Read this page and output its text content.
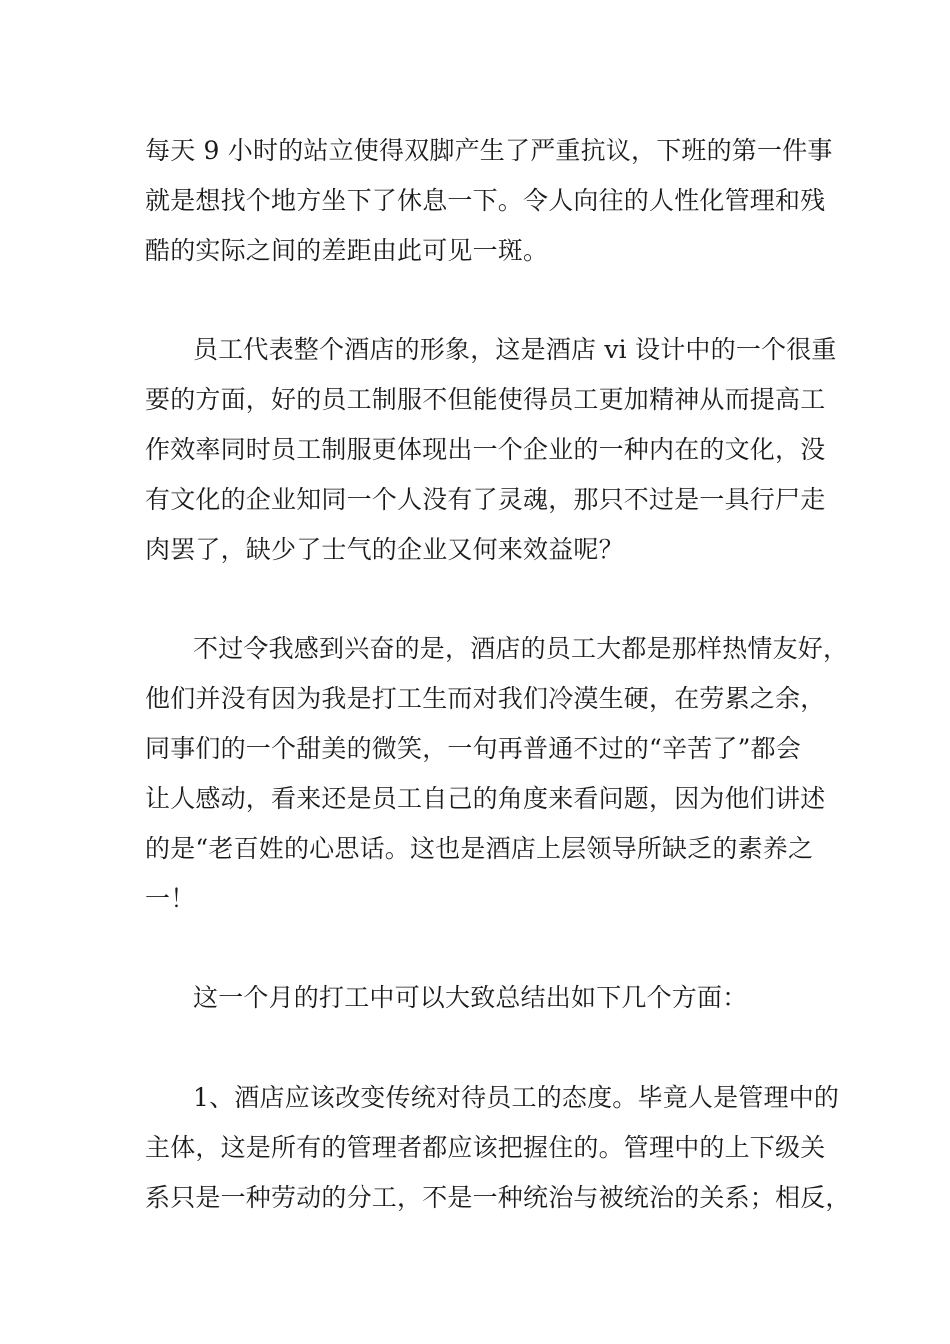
每天 9 小时的站立使得双脚产生了严重抗议，下班的第一件事
就是想找个地方坐下了休息一下。令人向往的人性化管理和残
酷的实际之间的差距由此可见一斑。
员工代表整个酒店的形象，这是酒店 vi 设计中的一个很重
要的方面，好的员工制服不但能使得员工更加精神从而提高工
作效率同时员工制服更体现出一个企业的一种内在的文化，没
有文化的企业知同一个人没有了灵魂，那只不过是一具行尸走
肉罢了，缺少了士气的企业又何来效益呢？
不过令我感到兴奋的是，酒店的员工大都是那样热情友好，
他们并没有因为我是打工生而对我们冷漠生硬，在劳累之余，
同事们的一个甜美的微笑，一句再普通不过的“辛苦了”都会
让人感动，看来还是员工自己的角度来看问题，因为他们讲述
的是“老百姓的心思话。这也是酒店上层领导所缺乏的素养之
一！
这一个月的打工中可以大致总结出如下几个方面：
1、酒店应该改变传统对待员工的态度。毕竟人是管理中的
主体，这是所有的管理者都应该把握住的。管理中的上下级关
系只是一种劳动的分工，不是一种统治与被统治的关系；相反，
